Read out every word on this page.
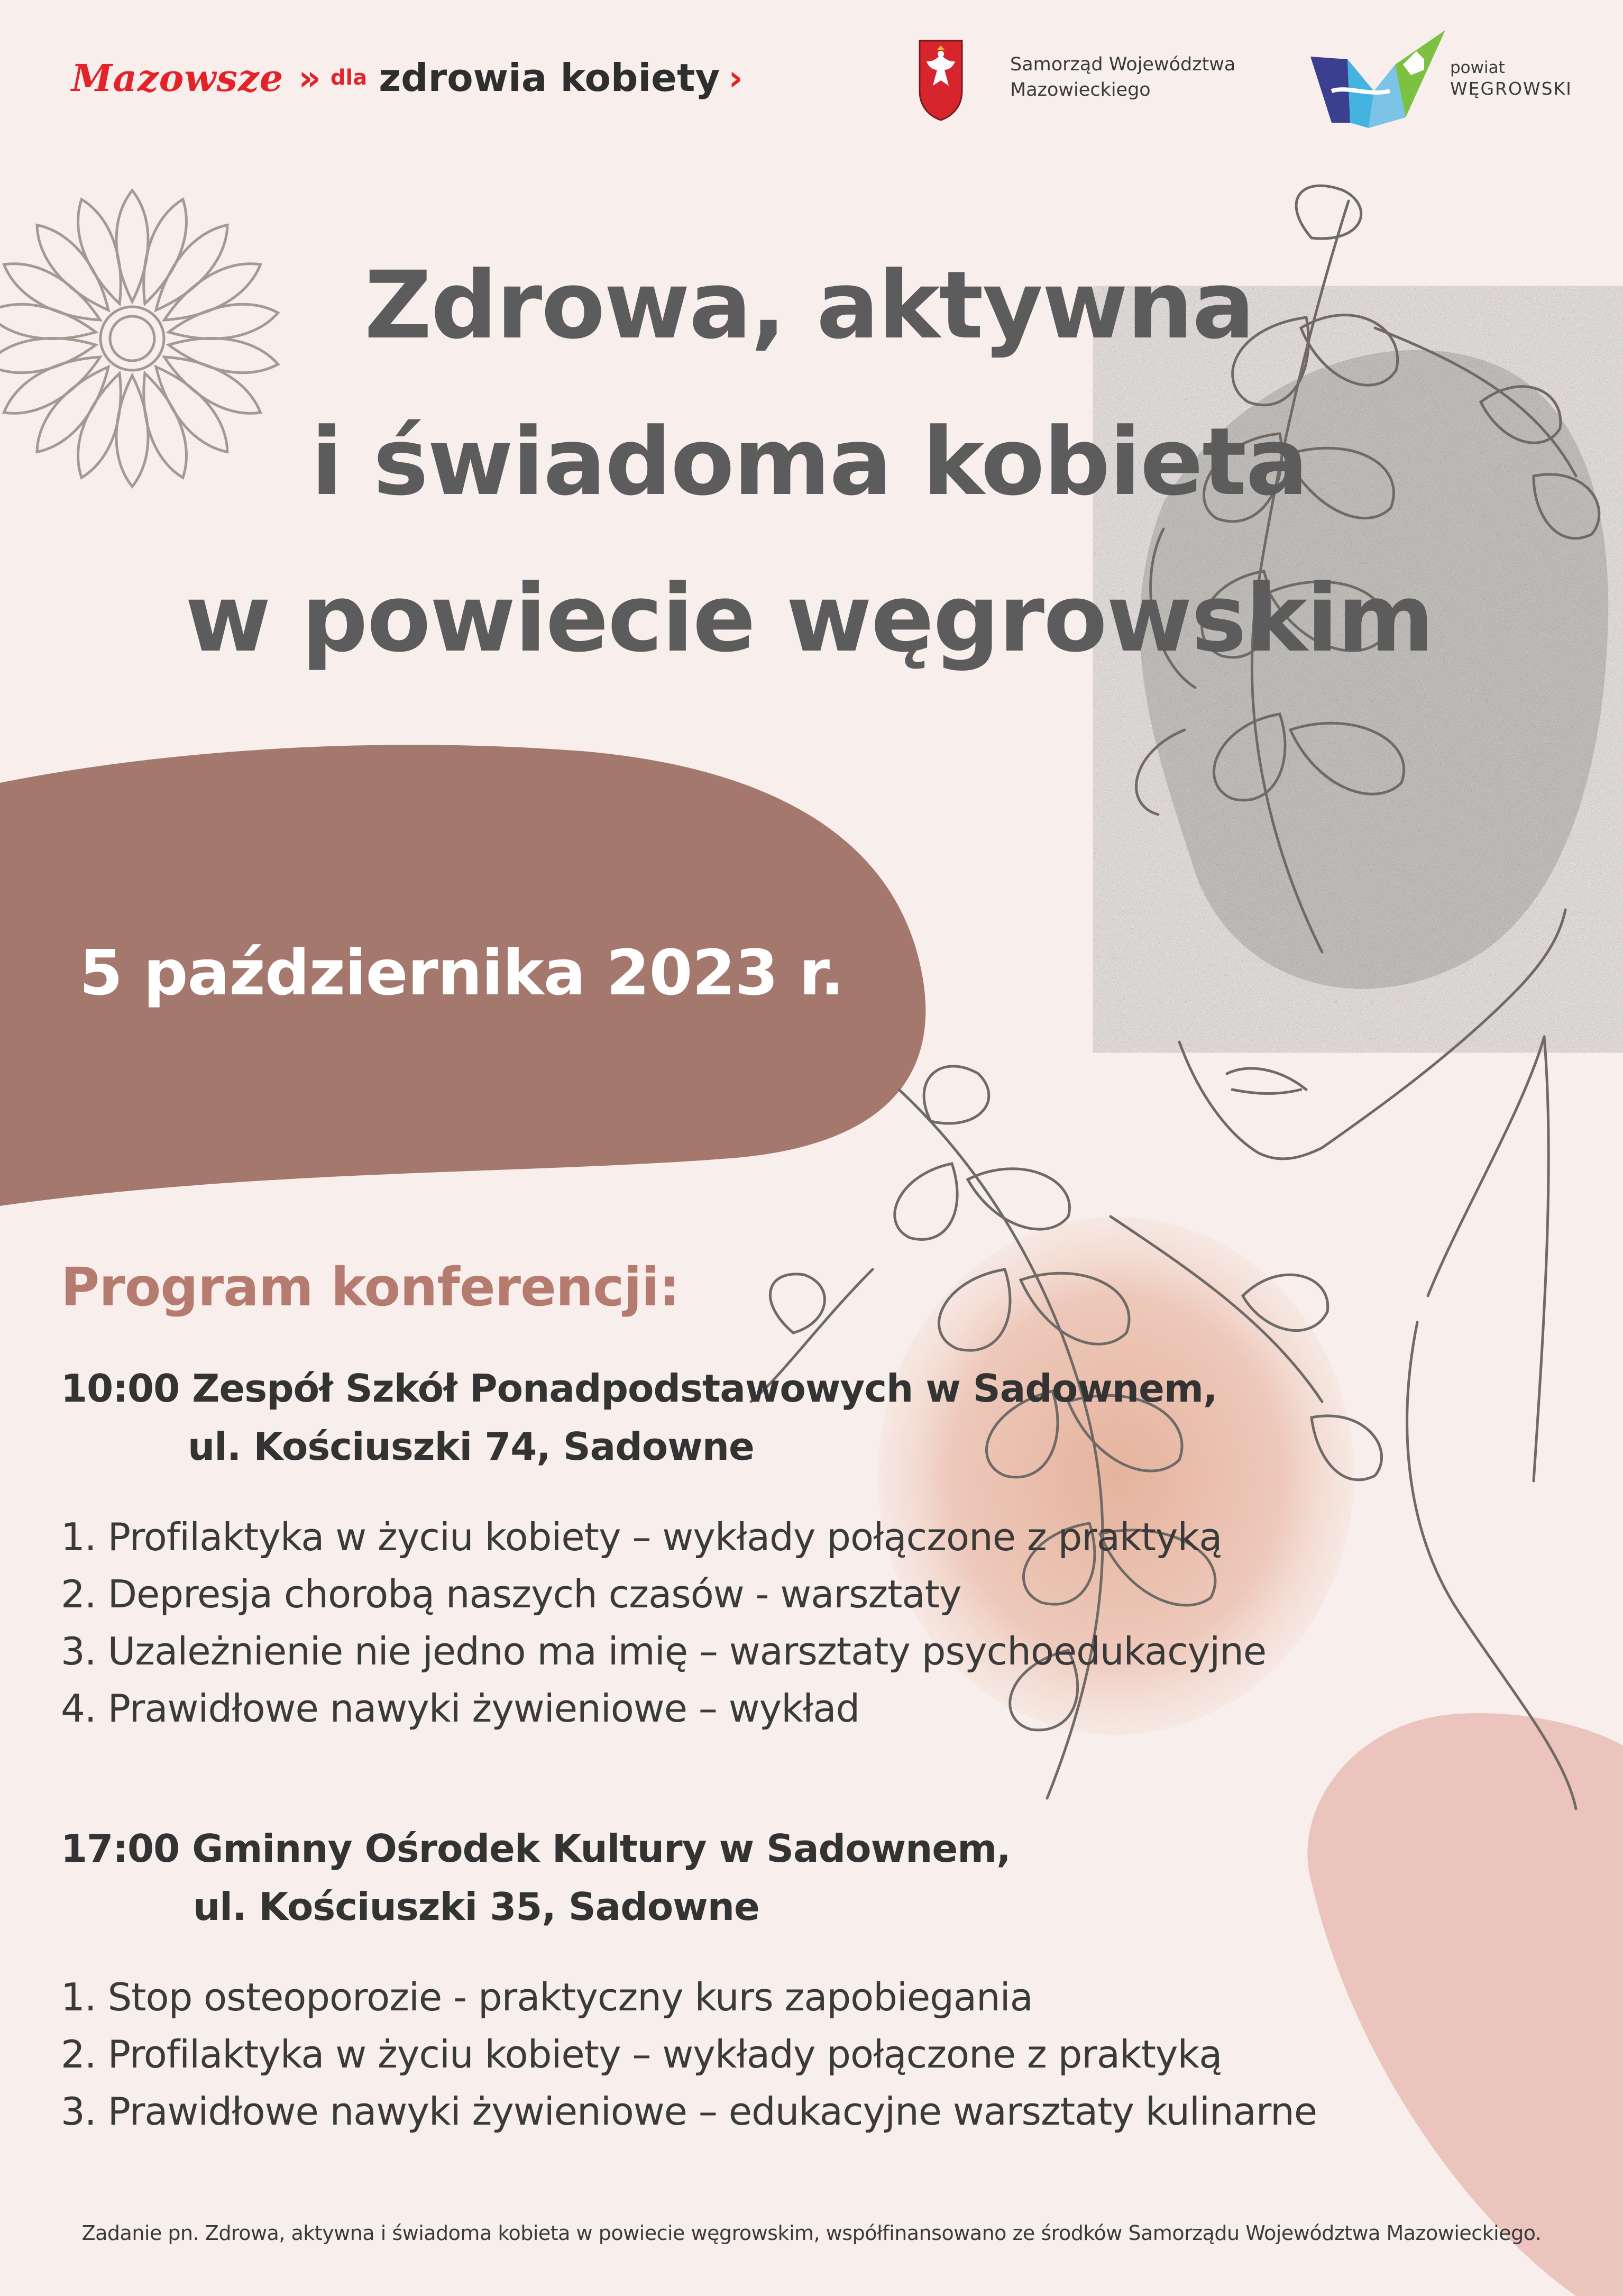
Mazowsze » dla zdrowia kobiety ›	Samorząd Województwa
Mazowieckiego
powiat
WĘGROWSKI
Zdrowa, aktywna
i świadoma kobieta
w powiecie węgrowskim
5 października 2023 r.
Program konferencji:
10:00 Zespół Szkół Ponadpodstawowych w Sadownem,
ul. Kościuszki 74, Sadowne
1. Profilaktyka w życiu kobiety – wykłady połączone z praktyką
2. Depresja chorobą naszych czasów - warsztaty
3. Uzależnienie nie jedno ma imię – warsztaty psychoedukacyjne
4. Prawidłowe nawyki żywieniowe – wykład
17:00 Gminny Ośrodek Kultury w Sadownem,
ul. Kościuszki 35, Sadowne
1. Stop osteoporozie - praktyczny kurs zapobiegania
2. Profilaktyka w życiu kobiety – wykłady połączone z praktyką
3. Prawidłowe nawyki żywieniowe – edukacyjne warsztaty kulinarne
Zadanie pn. Zdrowa, aktywna i świadoma kobieta w powiecie węgrowskim, współfinansowano ze środków Samorządu Województwa Mazowieckiego.
